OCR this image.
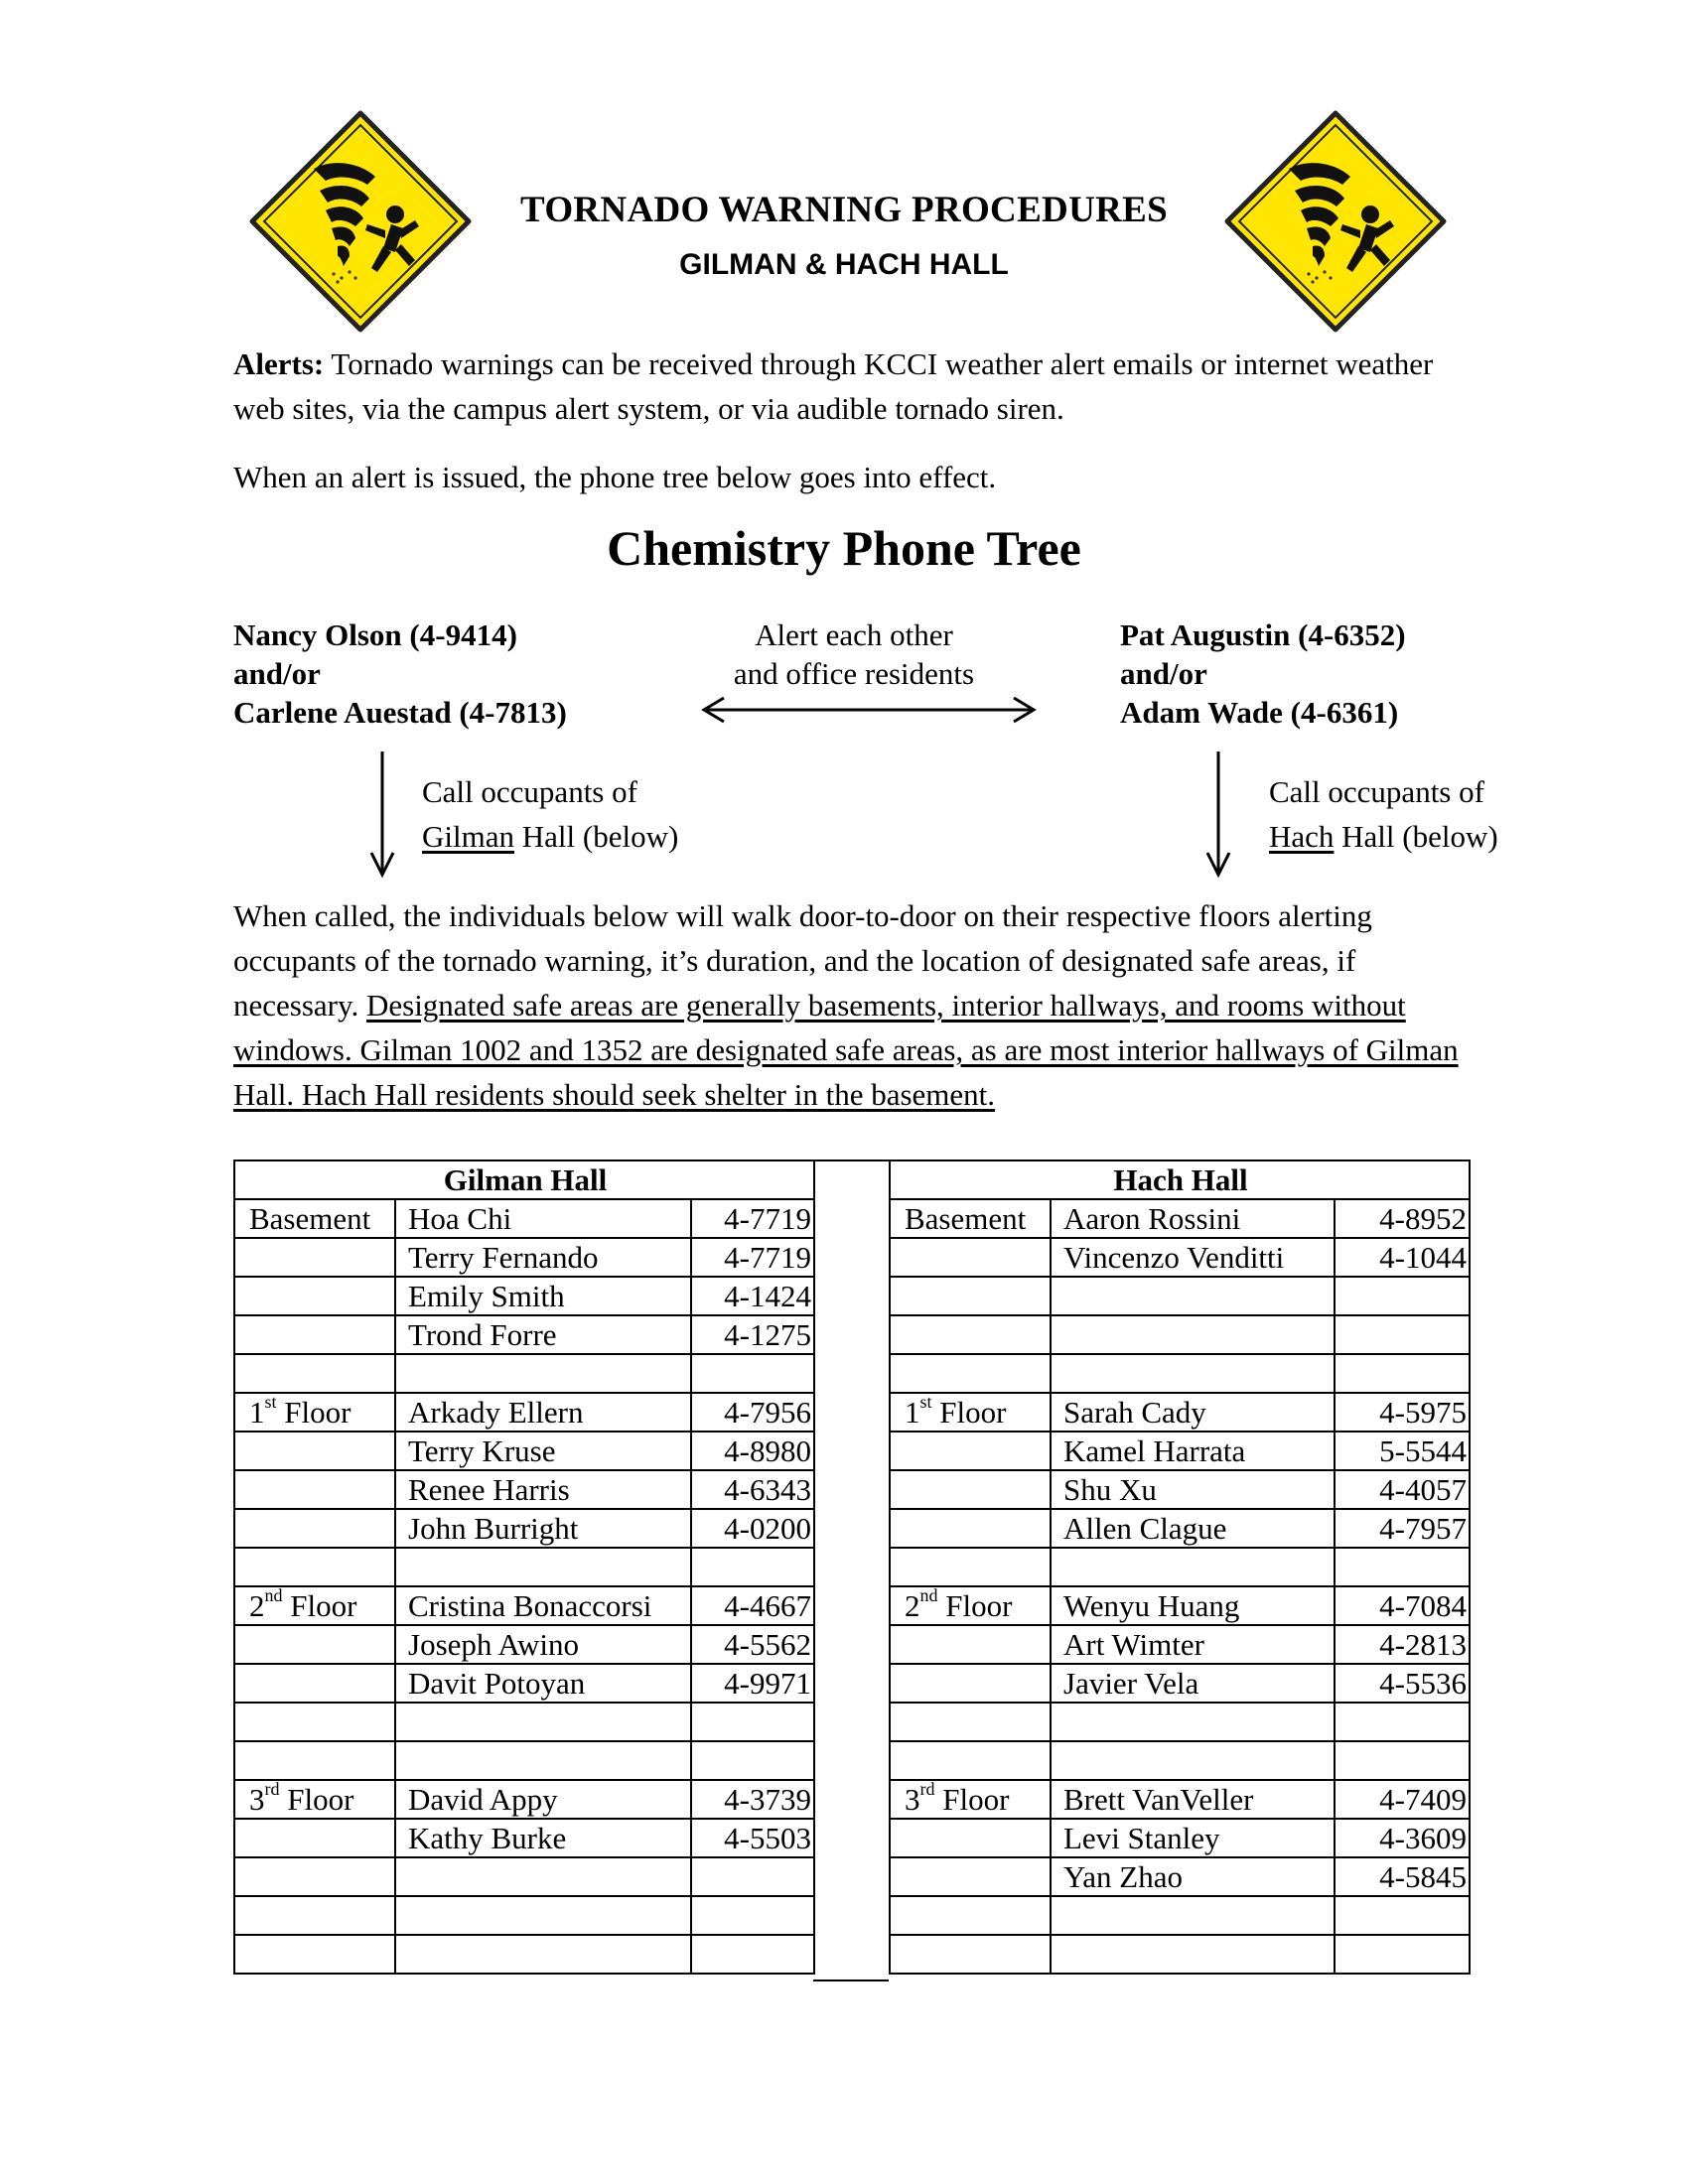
TORNADO WARNING PROCEDURES
GILMAN & HACH HALL
Alerts: Tornado warnings can be received through KCCI weather alert emails or internet weather web sites, via the campus alert system, or via audible tornado siren.
When an alert is issued, the phone tree below goes into effect.
Chemistry Phone Tree
Nancy Olson (4-9414)
and/or
Carlene Auestad (4-7813)
Alert each other
and office residents
Pat Augustin (4-6352)
and/or
Adam Wade (4-6361)
Call occupants of
Gilman Hall (below)
Call occupants of
Hach Hall (below)
When called, the individuals below will walk door-to-door on their respective floors alerting occupants of the tornado warning, it’s duration, and the location of designated safe areas, if necessary. Designated safe areas are generally basements, interior hallways, and rooms without windows. Gilman 1002 and 1352 are designated safe areas, as are most interior hallways of Gilman Hall. Hach Hall residents should seek shelter in the basement.
Gilman Hall		
Basement	Hoa Chi	4-7719
	Terry Fernando	4-7719
	Emily Smith	4-1424
	Trond Forre	4-1275

1st Floor	Arkady Ellern	4-7956
	Terry Kruse	4-8980
	Renee Harris	4-6343
	John Burright	4-0200

2nd Floor	Cristina Bonaccorsi	4-4667
	Joseph Awino	4-5562
	Davit Potoyan	4-9971

3rd Floor	David Appy	4-3739
	Kathy Burke	4-5503

Hach Hall		
Basement	Aaron Rossini	4-8952
	Vincenzo Venditti	4-1044

1st Floor	Sarah Cady	4-5975
	Kamel Harrata	5-5544
	Shu Xu	4-4057
	Allen Clague	4-7957

2nd Floor	Wenyu Huang	4-7084
	Art Wimter	4-2813
	Javier Vela	4-5536

3rd Floor	Brett VanVeller	4-7409
	Levi Stanley	4-3609
	Yan Zhao	4-5845
